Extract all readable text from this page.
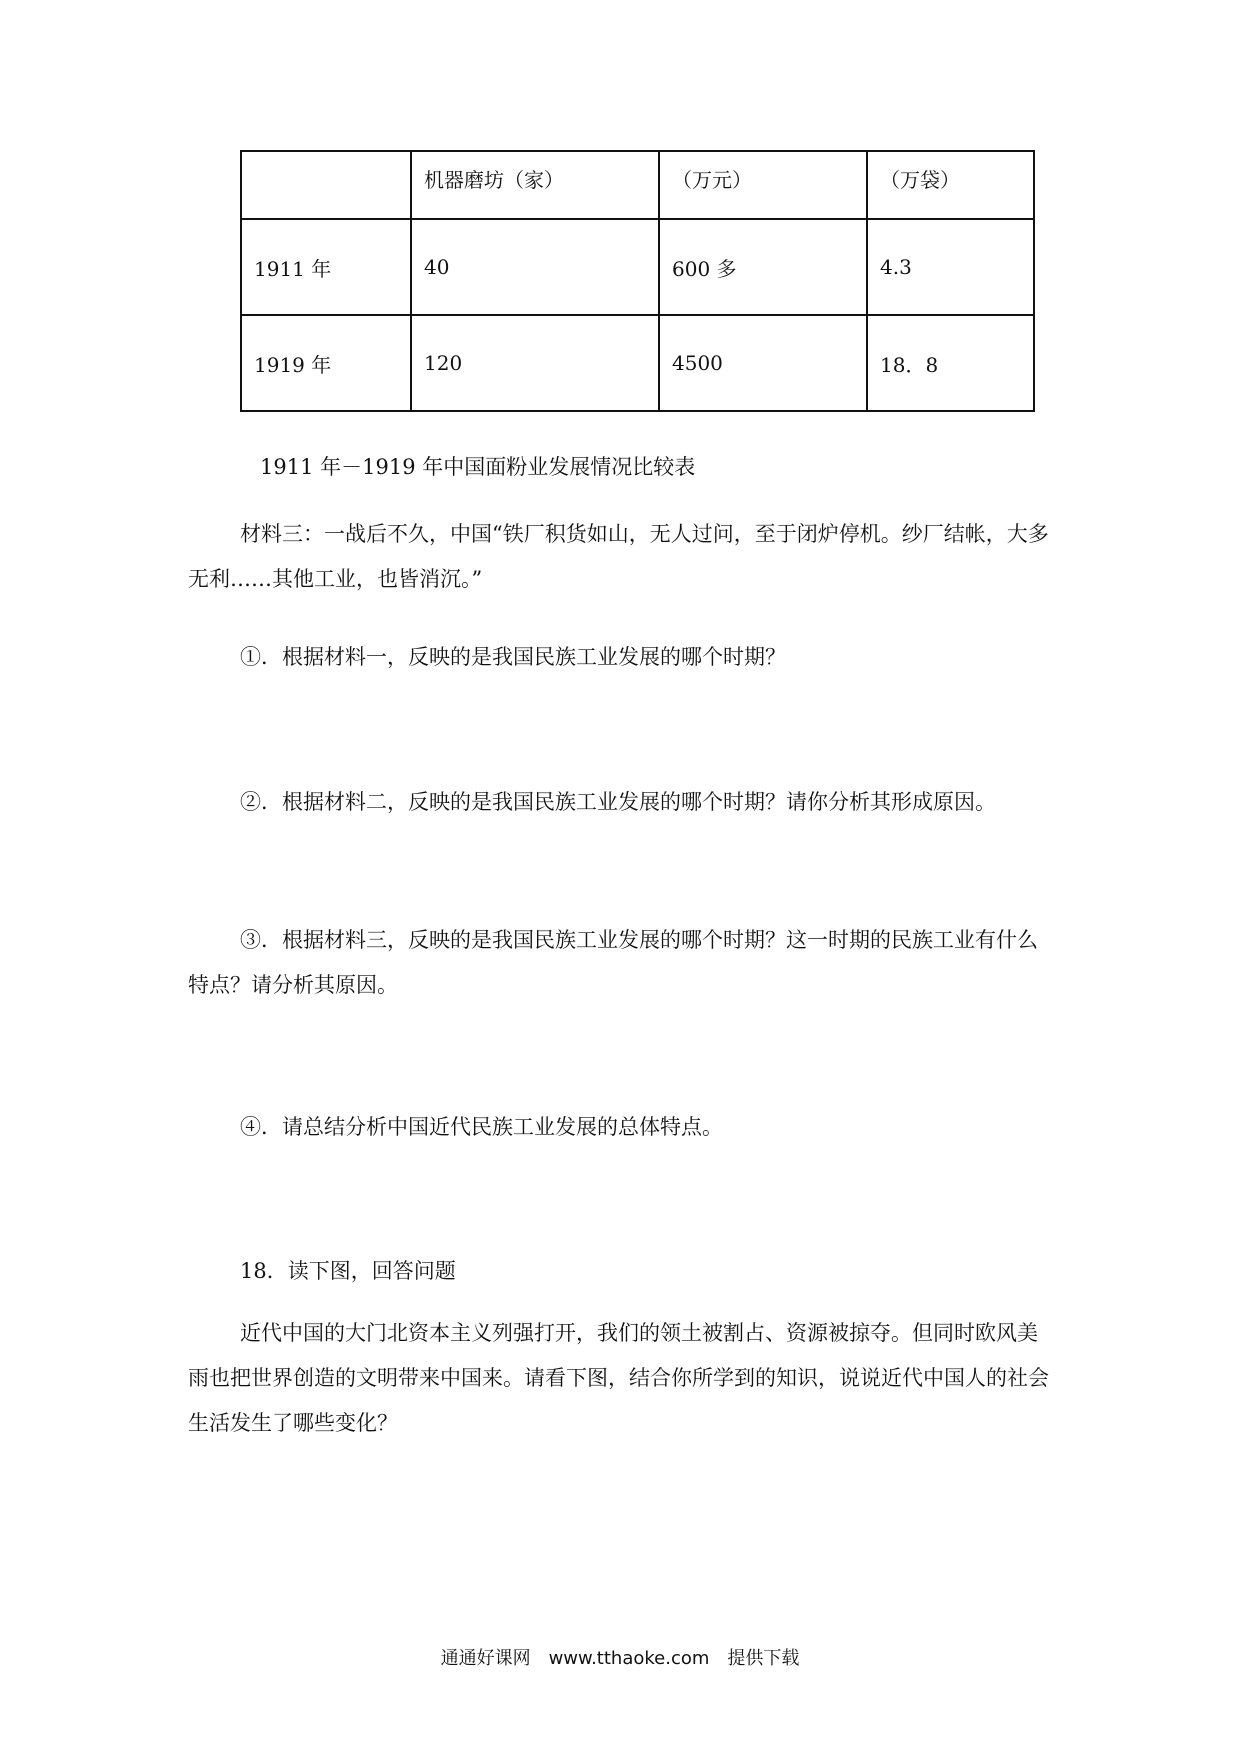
	机器磨坊（家）	（万元）	（万袋）
1911 年	40	600 多	4.3
1919 年	120	4500	18．8
1911 年－1919 年中国面粉业发展情况比较表
材料三：一战后不久，中国“铁厂积货如山，无人过问，至于闭炉停机。纱厂结帐，大多无利……其他工业，也皆消沉。”
①．根据材料一，反映的是我国民族工业发展的哪个时期？
②．根据材料二，反映的是我国民族工业发展的哪个时期？请你分析其形成原因。
③．根据材料三，反映的是我国民族工业发展的哪个时期？这一时期的民族工业有什么特点？请分析其原因。
④．请总结分析中国近代民族工业发展的总体特点。
18．读下图，回答问题
近代中国的大门北资本主义列强打开，我们的领土被割占、资源被掠夺。但同时欧风美雨也把世界创造的文明带来中国来。请看下图，结合你所学到的知识，说说近代中国人的社会生活发生了哪些变化？
通通好课网　www.tthaoke.com　提供下载
